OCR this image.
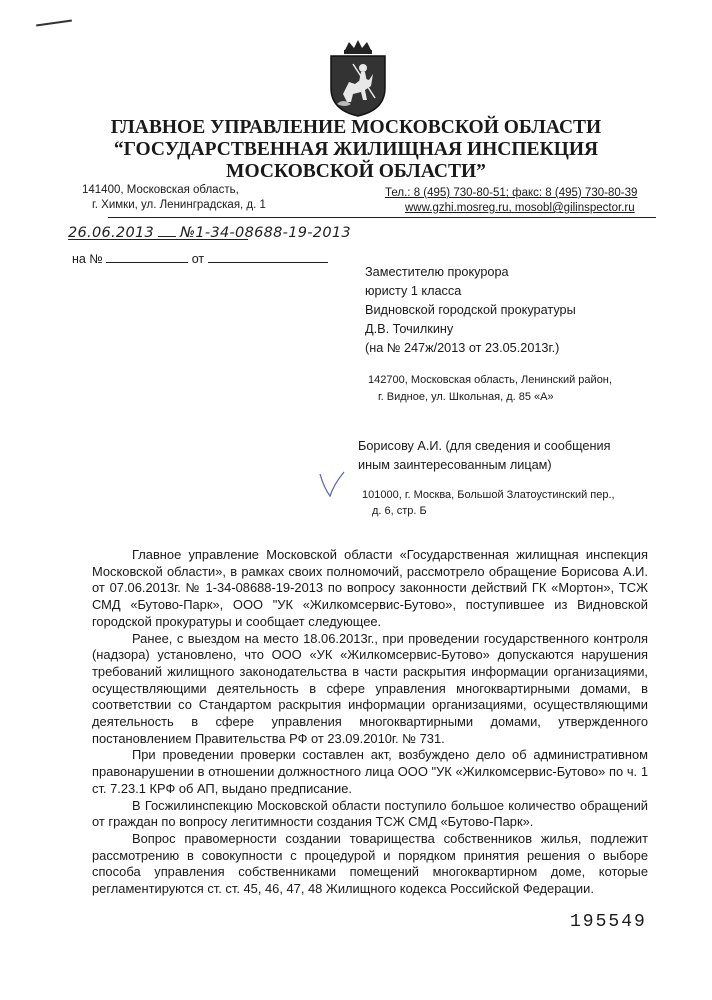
ГЛАВНОЕ УПРАВЛЕНИЕ МОСКОВСКОЙ ОБЛАСТИ
“ГОСУДАРСТВЕННАЯ ЖИЛИЩНАЯ ИНСПЕКЦИЯ
МОСКОВСКОЙ ОБЛАСТИ”
141400, Московская область,
г. Химки, ул. Ленинградская, д. 1
Тел.: 8 (495) 730-80-51; факс: 8 (495) 730-80-39
www.gzhi.mosreg.ru, mosobl@gilinspector.ru
26.06.2013 №1-34-08688-19-2013
на №	от
Заместителю прокурора
юристу 1 класса
Видновской городской прокуратуры
Д.В. Точилкину
(на № 247ж/2013 от 23.05.2013г.)
142700, Московская область, Ленинский район,
г. Видное, ул. Школьная, д. 85 «А»
Борисову А.И. (для сведения и сообщения
иным заинтересованным лицам)
101000, г. Москва, Большой Златоустинский пер.,
д. 6, стр. Б

Главное управление Московской области «Государственная жилищная инспекция Московской области», в рамках своих полномочий, рассмотрело обращение Борисова А.И. от 07.06.2013г. № 1-34-08688-19-2013 по вопросу законности действий ГК «Мортон», ТСЖ СМД «Бутово-Парк», ООО "УК «Жилкомсервис-Бутово», поступившее из Видновской городской прокуратуры и сообщает следующее.

Ранее, с выездом на место 18.06.2013г., при проведении государственного контроля (надзора) установлено, что ООО «УК «Жилкомсервис-Бутово» допускаются нарушения требований жилищного законодательства в части раскрытия информации организациями, осуществляющими деятельность в сфере управления многоквартирными домами, в соответствии со Стандартом раскрытия информации организациями, осуществляющими деятельность в сфере управления многоквартирными домами, утвержденного постановлением Правительства РФ от 23.09.2010г. № 731.

При проведении проверки составлен акт, возбуждено дело об административном правонарушении в отношении должностного лица ООО "УК «Жилкомсервис-Бутово» по ч. 1 ст. 7.23.1 КРФ об АП, выдано предписание.

В Госжилинспекцию Московской области поступило большое количество обращений от граждан по вопросу легитимности создания ТСЖ СМД «Бутово-Парк».

Вопрос правомерности создании товарищества собственников жилья, подлежит рассмотрению в совокупности с процедурой и порядком принятия решения о выборе способа управления собственниками помещений многоквартирном доме, которые регламентируются ст. ст. 45, 46, 47, 48 Жилищного кодекса Российской Федерации.

195549
